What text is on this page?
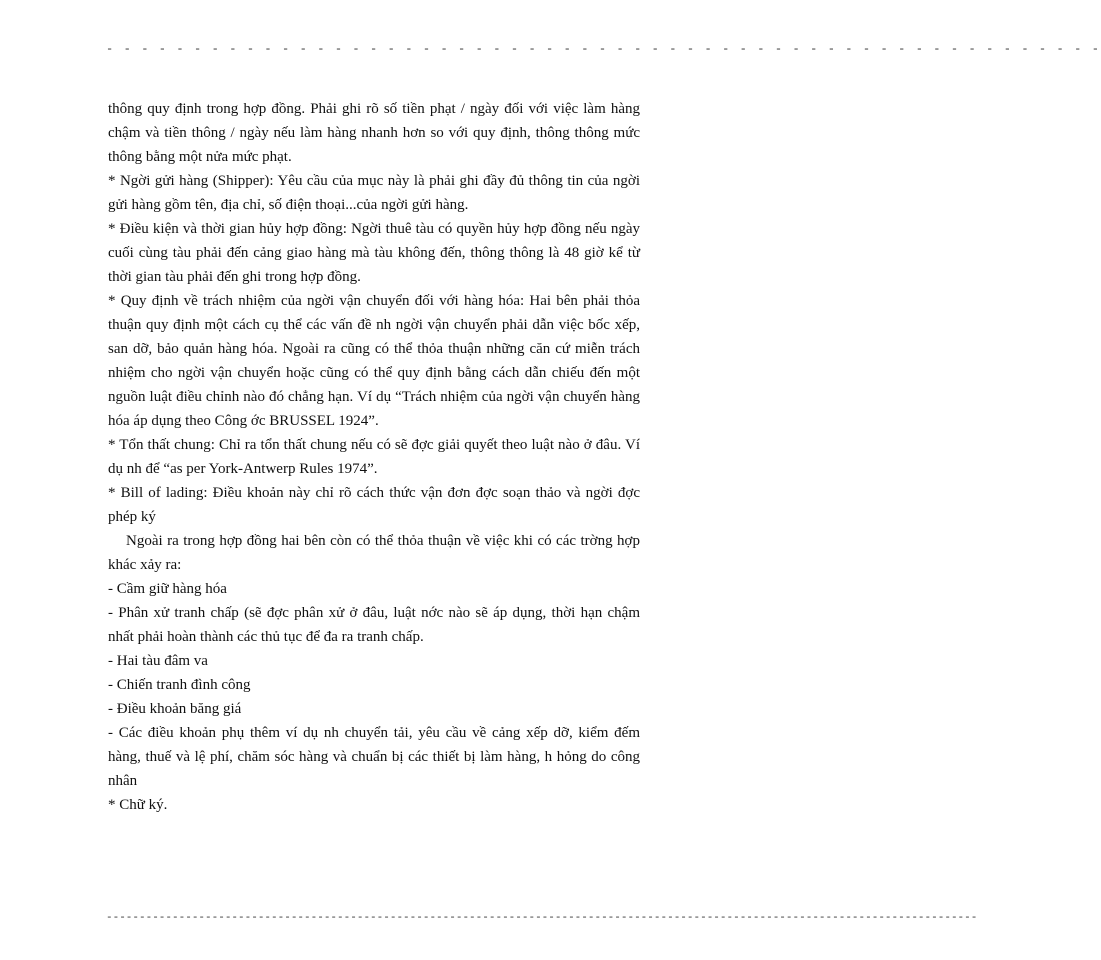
- - - - - - - - - - - - - - - - - - - - - - - - - - - - - - - - - - - - - - - - - - - - - - - - - - - - - - - - -

thông quy định trong hợp đồng. Phải ghi rõ số tiền phạt / ngày đối với việc làm hàng chậm và tiền thông / ngày nếu làm hàng nhanh hơn so với quy định, thông thông mức thông bằng một nửa mức phạt.

* Ngời gửi hàng (Shipper): Yêu cầu của mục này là phải ghi đầy đủ thông tin của ngời gửi hàng gồm tên, địa chỉ, số điện thoại...của ngời gửi hàng.

* Điều kiện và thời gian hủy hợp đồng: Ngời thuê tàu có quyền hủy hợp đồng nếu ngày cuối cùng tàu phải đến cảng giao hàng mà tàu không đến, thông thông là 48 giờ kể từ thời gian tàu phải đến ghi trong hợp đồng.

* Quy định về trách nhiệm của ngời vận chuyển đối với hàng hóa: Hai bên phải thỏa thuận quy định một cách cụ thể các vấn đề nh ngời vận chuyển phải dẫn việc bốc xếp, san dỡ, bảo quản hàng hóa. Ngoài ra cũng có thể thỏa thuận những căn cứ miễn trách nhiệm cho ngời vận chuyển hoặc cũng có thể quy định bằng cách dẫn chiếu đến một nguồn luật điều chỉnh nào đó chẳng hạn. Ví dụ “Trách nhiệm của ngời vận chuyển hàng hóa áp dụng theo Công ớc BRUSSEL 1924”.

* Tổn thất chung: Chỉ ra tổn thất chung nếu có sẽ đợc giải quyết theo luật nào ở đâu. Ví dụ nh để “as per York-Antwerp Rules 1974”.

* Bill of lading: Điều khoản này chỉ rõ cách thức vận đơn đợc soạn thảo và ngời đợc phép ký

Ngoài ra trong hợp đồng hai bên còn có thể thỏa thuận về việc khi có các trờng hợp khác xảy ra:

- Cầm giữ hàng hóa

- Phân xử tranh chấp (sẽ đợc phân xử ở đâu, luật nớc nào sẽ áp dụng, thời hạn chậm nhất phải hoàn thành các thủ tục để đa ra tranh chấp.

- Hai tàu đâm va

- Chiến tranh đình công

- Điều khoản băng giá

- Các điều khoản phụ thêm ví dụ nh chuyển tải, yêu cầu về cảng xếp dỡ, kiểm đếm hàng, thuế và lệ phí, chăm sóc hàng và chuẩn bị các thiết bị làm hàng, h hỏng do công nhân

* Chữ ký.

------------------------------------------------------------------------------------------------------------------------------------
